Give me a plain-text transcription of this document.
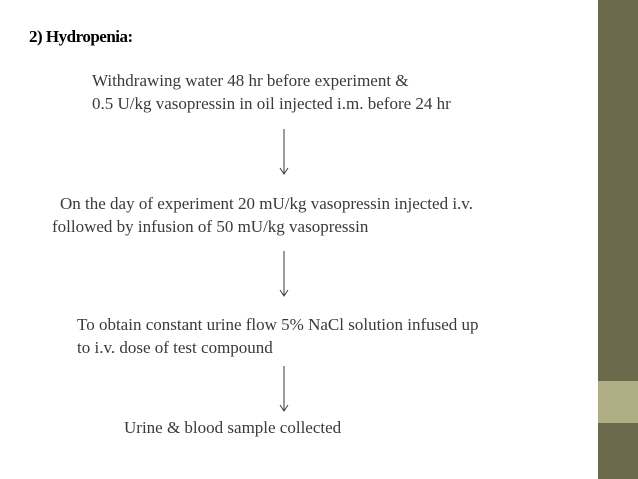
2) Hydropenia:
Withdrawing water 48 hr before experiment &
0.5 U/kg vasopressin in oil injected i.m. before 24 hr
On the day of experiment 20 mU/kg vasopressin injected i.v.
followed by infusion of 50 mU/kg vasopressin
To obtain constant urine flow 5% NaCl solution infused up
to i.v. dose of test compound
Urine & blood sample collected
